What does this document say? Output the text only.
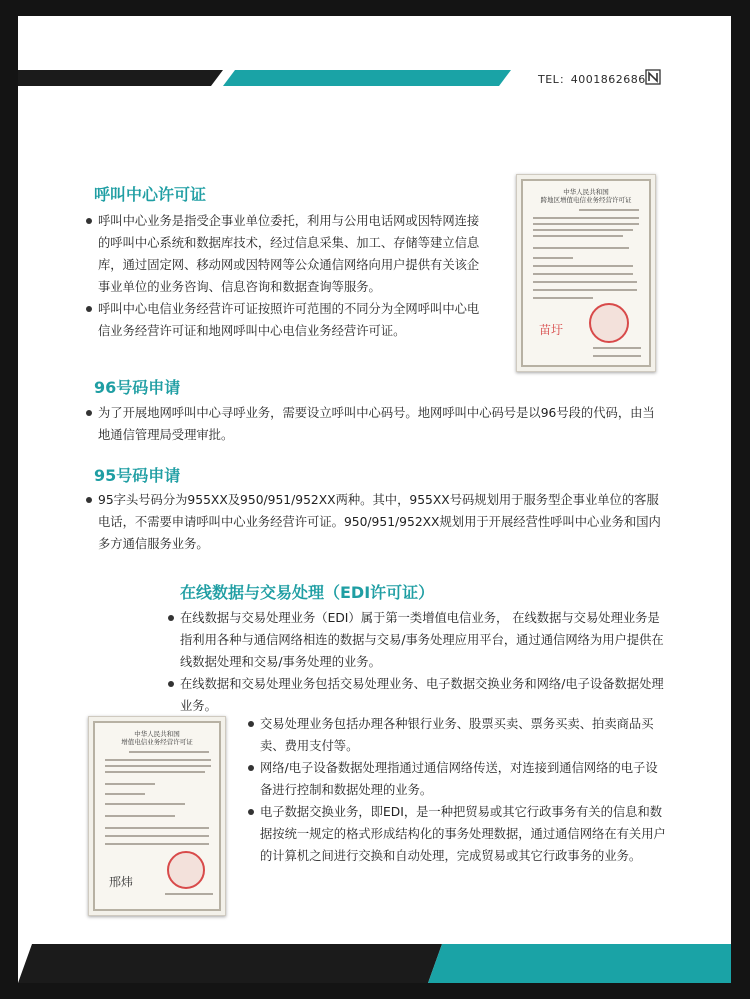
TEL：4001862686
呼叫中心许可证
呼叫中心业务是指受企事业单位委托，利用与公用电话网或因特网连接的呼叫中心系统和数据库技术，经过信息采集、加工、存储等建立信息库，通过固定网、移动网或因特网等公众通信网络向用户提供有关该企事业单位的业务咨询、信息咨询和数据查询等服务。
呼叫中心电信业务经营许可证按照许可范围的不同分为全网呼叫中心电信业务经营许可证和地网呼叫中心电信业务经营许可证。
中华人民共和国
跨地区增值电信业务经营许可证
苗圩
96号码申请
为了开展地网呼叫中心寻呼业务，需要设立呼叫中心码号。地网呼叫中心码号是以96号段的代码，由当地通信管理局受理审批。
95号码申请
95字头号码分为955XX及950/951/952XX两种。其中，955XX号码规划用于服务型企事业单位的客服电话，不需要申请呼叫中心业务经营许可证。950/951/952XX规划用于开展经营性呼叫中心业务和国内多方通信服务业务。
在线数据与交易处理（EDI许可证）
在线数据与交易处理业务（EDI）属于第一类增值电信业务， 在线数据与交易处理业务是指利用各种与通信网络相连的数据与交易/事务处理应用平台，通过通信网络为用户提供在线数据处理和交易/事务处理的业务。
在线数据和交易处理业务包括交易处理业务、电子数据交换业务和网络/电子设备数据处理业务。
中华人民共和国
增值电信业务经营许可证
邢炜
交易处理业务包括办理各种银行业务、股票买卖、票务买卖、拍卖商品买卖、费用支付等。
网络/电子设备数据处理指通过通信网络传送，对连接到通信网络的电子设备进行控制和数据处理的业务。
电子数据交换业务，即EDI，是一种把贸易或其它行政事务有关的信息和数据按统一规定的格式形成结构化的事务处理数据，通过通信网络在有关用户的计算机之间进行交换和自动处理，完成贸易或其它行政事务的业务。
